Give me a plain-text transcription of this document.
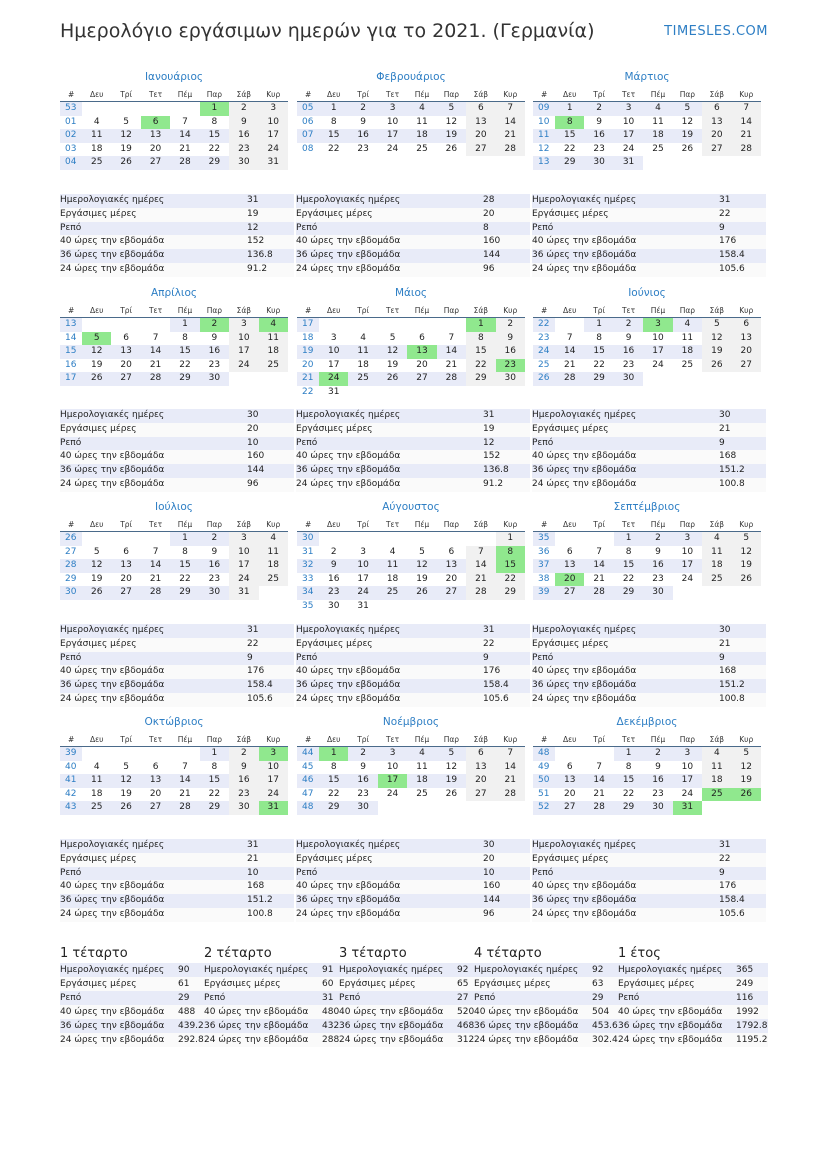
Ημερολόγιο εργάσιμων ημερών για το 2021. (Γερμανία)	TIMESLES.COM
Ιανουάριος
#	Δευ	Τρί	Τετ	Πέμ	Παρ	Σάβ	Κυρ
53					1	2	3
01	4	5	6	7	8	9	10
02	11	12	13	14	15	16	17
03	18	19	20	21	22	23	24
04	25	26	27	28	29	30	31
Ημερολογιακές ημέρες	31
Εργάσιμες μέρες	19
Ρεπό	12
40 ώρες την εβδομάδα	152
36 ώρες την εβδομάδα	136.8
24 ώρες την εβδομάδα	91.2
Φεβρουάριος
#	Δευ	Τρί	Τετ	Πέμ	Παρ	Σάβ	Κυρ
05	1	2	3	4	5	6	7
06	8	9	10	11	12	13	14
07	15	16	17	18	19	20	21
08	22	23	24	25	26	27	28
Ημερολογιακές ημέρες	28
Εργάσιμες μέρες	20
Ρεπό	8
40 ώρες την εβδομάδα	160
36 ώρες την εβδομάδα	144
24 ώρες την εβδομάδα	96
Μάρτιος
#	Δευ	Τρί	Τετ	Πέμ	Παρ	Σάβ	Κυρ
09	1	2	3	4	5	6	7
10	8	9	10	11	12	13	14
11	15	16	17	18	19	20	21
12	22	23	24	25	26	27	28
13	29	30	31				
Ημερολογιακές ημέρες	31
Εργάσιμες μέρες	22
Ρεπό	9
40 ώρες την εβδομάδα	176
36 ώρες την εβδομάδα	158.4
24 ώρες την εβδομάδα	105.6
Απρίλιος
#	Δευ	Τρί	Τετ	Πέμ	Παρ	Σάβ	Κυρ
13				1	2	3	4
14	5	6	7	8	9	10	11
15	12	13	14	15	16	17	18
16	19	20	21	22	23	24	25
17	26	27	28	29	30		
Ημερολογιακές ημέρες	30
Εργάσιμες μέρες	20
Ρεπό	10
40 ώρες την εβδομάδα	160
36 ώρες την εβδομάδα	144
24 ώρες την εβδομάδα	96
Μάιος
#	Δευ	Τρί	Τετ	Πέμ	Παρ	Σάβ	Κυρ
17						1	2
18	3	4	5	6	7	8	9
19	10	11	12	13	14	15	16
20	17	18	19	20	21	22	23
21	24	25	26	27	28	29	30
22	31						
Ημερολογιακές ημέρες	31
Εργάσιμες μέρες	19
Ρεπό	12
40 ώρες την εβδομάδα	152
36 ώρες την εβδομάδα	136.8
24 ώρες την εβδομάδα	91.2
Ιούνιος
#	Δευ	Τρί	Τετ	Πέμ	Παρ	Σάβ	Κυρ
22		1	2	3	4	5	6
23	7	8	9	10	11	12	13
24	14	15	16	17	18	19	20
25	21	22	23	24	25	26	27
26	28	29	30				
Ημερολογιακές ημέρες	30
Εργάσιμες μέρες	21
Ρεπό	9
40 ώρες την εβδομάδα	168
36 ώρες την εβδομάδα	151.2
24 ώρες την εβδομάδα	100.8
Ιούλιος
#	Δευ	Τρί	Τετ	Πέμ	Παρ	Σάβ	Κυρ
26				1	2	3	4
27	5	6	7	8	9	10	11
28	12	13	14	15	16	17	18
29	19	20	21	22	23	24	25
30	26	27	28	29	30	31	
Ημερολογιακές ημέρες	31
Εργάσιμες μέρες	22
Ρεπό	9
40 ώρες την εβδομάδα	176
36 ώρες την εβδομάδα	158.4
24 ώρες την εβδομάδα	105.6
Αύγουστος
#	Δευ	Τρί	Τετ	Πέμ	Παρ	Σάβ	Κυρ
30							1
31	2	3	4	5	6	7	8
32	9	10	11	12	13	14	15
33	16	17	18	19	20	21	22
34	23	24	25	26	27	28	29
35	30	31					
Ημερολογιακές ημέρες	31
Εργάσιμες μέρες	22
Ρεπό	9
40 ώρες την εβδομάδα	176
36 ώρες την εβδομάδα	158.4
24 ώρες την εβδομάδα	105.6
Σεπτέμβριος
#	Δευ	Τρί	Τετ	Πέμ	Παρ	Σάβ	Κυρ
35			1	2	3	4	5
36	6	7	8	9	10	11	12
37	13	14	15	16	17	18	19
38	20	21	22	23	24	25	26
39	27	28	29	30			
Ημερολογιακές ημέρες	30
Εργάσιμες μέρες	21
Ρεπό	9
40 ώρες την εβδομάδα	168
36 ώρες την εβδομάδα	151.2
24 ώρες την εβδομάδα	100.8
Οκτώβριος
#	Δευ	Τρί	Τετ	Πέμ	Παρ	Σάβ	Κυρ
39					1	2	3
40	4	5	6	7	8	9	10
41	11	12	13	14	15	16	17
42	18	19	20	21	22	23	24
43	25	26	27	28	29	30	31
Ημερολογιακές ημέρες	31
Εργάσιμες μέρες	21
Ρεπό	10
40 ώρες την εβδομάδα	168
36 ώρες την εβδομάδα	151.2
24 ώρες την εβδομάδα	100.8
Νοέμβριος
#	Δευ	Τρί	Τετ	Πέμ	Παρ	Σάβ	Κυρ
44	1	2	3	4	5	6	7
45	8	9	10	11	12	13	14
46	15	16	17	18	19	20	21
47	22	23	24	25	26	27	28
48	29	30					
Ημερολογιακές ημέρες	30
Εργάσιμες μέρες	20
Ρεπό	10
40 ώρες την εβδομάδα	160
36 ώρες την εβδομάδα	144
24 ώρες την εβδομάδα	96
Δεκέμβριος
#	Δευ	Τρί	Τετ	Πέμ	Παρ	Σάβ	Κυρ
48			1	2	3	4	5
49	6	7	8	9	10	11	12
50	13	14	15	16	17	18	19
51	20	21	22	23	24	25	26
52	27	28	29	30	31		
Ημερολογιακές ημέρες	31
Εργάσιμες μέρες	22
Ρεπό	9
40 ώρες την εβδομάδα	176
36 ώρες την εβδομάδα	158.4
24 ώρες την εβδομάδα	105.6
1 τέταρτο
Ημερολογιακές ημέρες	90
Εργάσιμες μέρες	61
Ρεπό	29
40 ώρες την εβδομάδα	488
36 ώρες την εβδομάδα	439.2
24 ώρες την εβδομάδα	292.8
2 τέταρτο
Ημερολογιακές ημέρες	91
Εργάσιμες μέρες	60
Ρεπό	31
40 ώρες την εβδομάδα	480
36 ώρες την εβδομάδα	432
24 ώρες την εβδομάδα	288
3 τέταρτο
Ημερολογιακές ημέρες	92
Εργάσιμες μέρες	65
Ρεπό	27
40 ώρες την εβδομάδα	520
36 ώρες την εβδομάδα	468
24 ώρες την εβδομάδα	312
4 τέταρτο
Ημερολογιακές ημέρες	92
Εργάσιμες μέρες	63
Ρεπό	29
40 ώρες την εβδομάδα	504
36 ώρες την εβδομάδα	453.6
24 ώρες την εβδομάδα	302.4
1 έτος
Ημερολογιακές ημέρες	365
Εργάσιμες μέρες	249
Ρεπό	116
40 ώρες την εβδομάδα	1992
36 ώρες την εβδομάδα	1792.8
24 ώρες την εβδομάδα	1195.2
